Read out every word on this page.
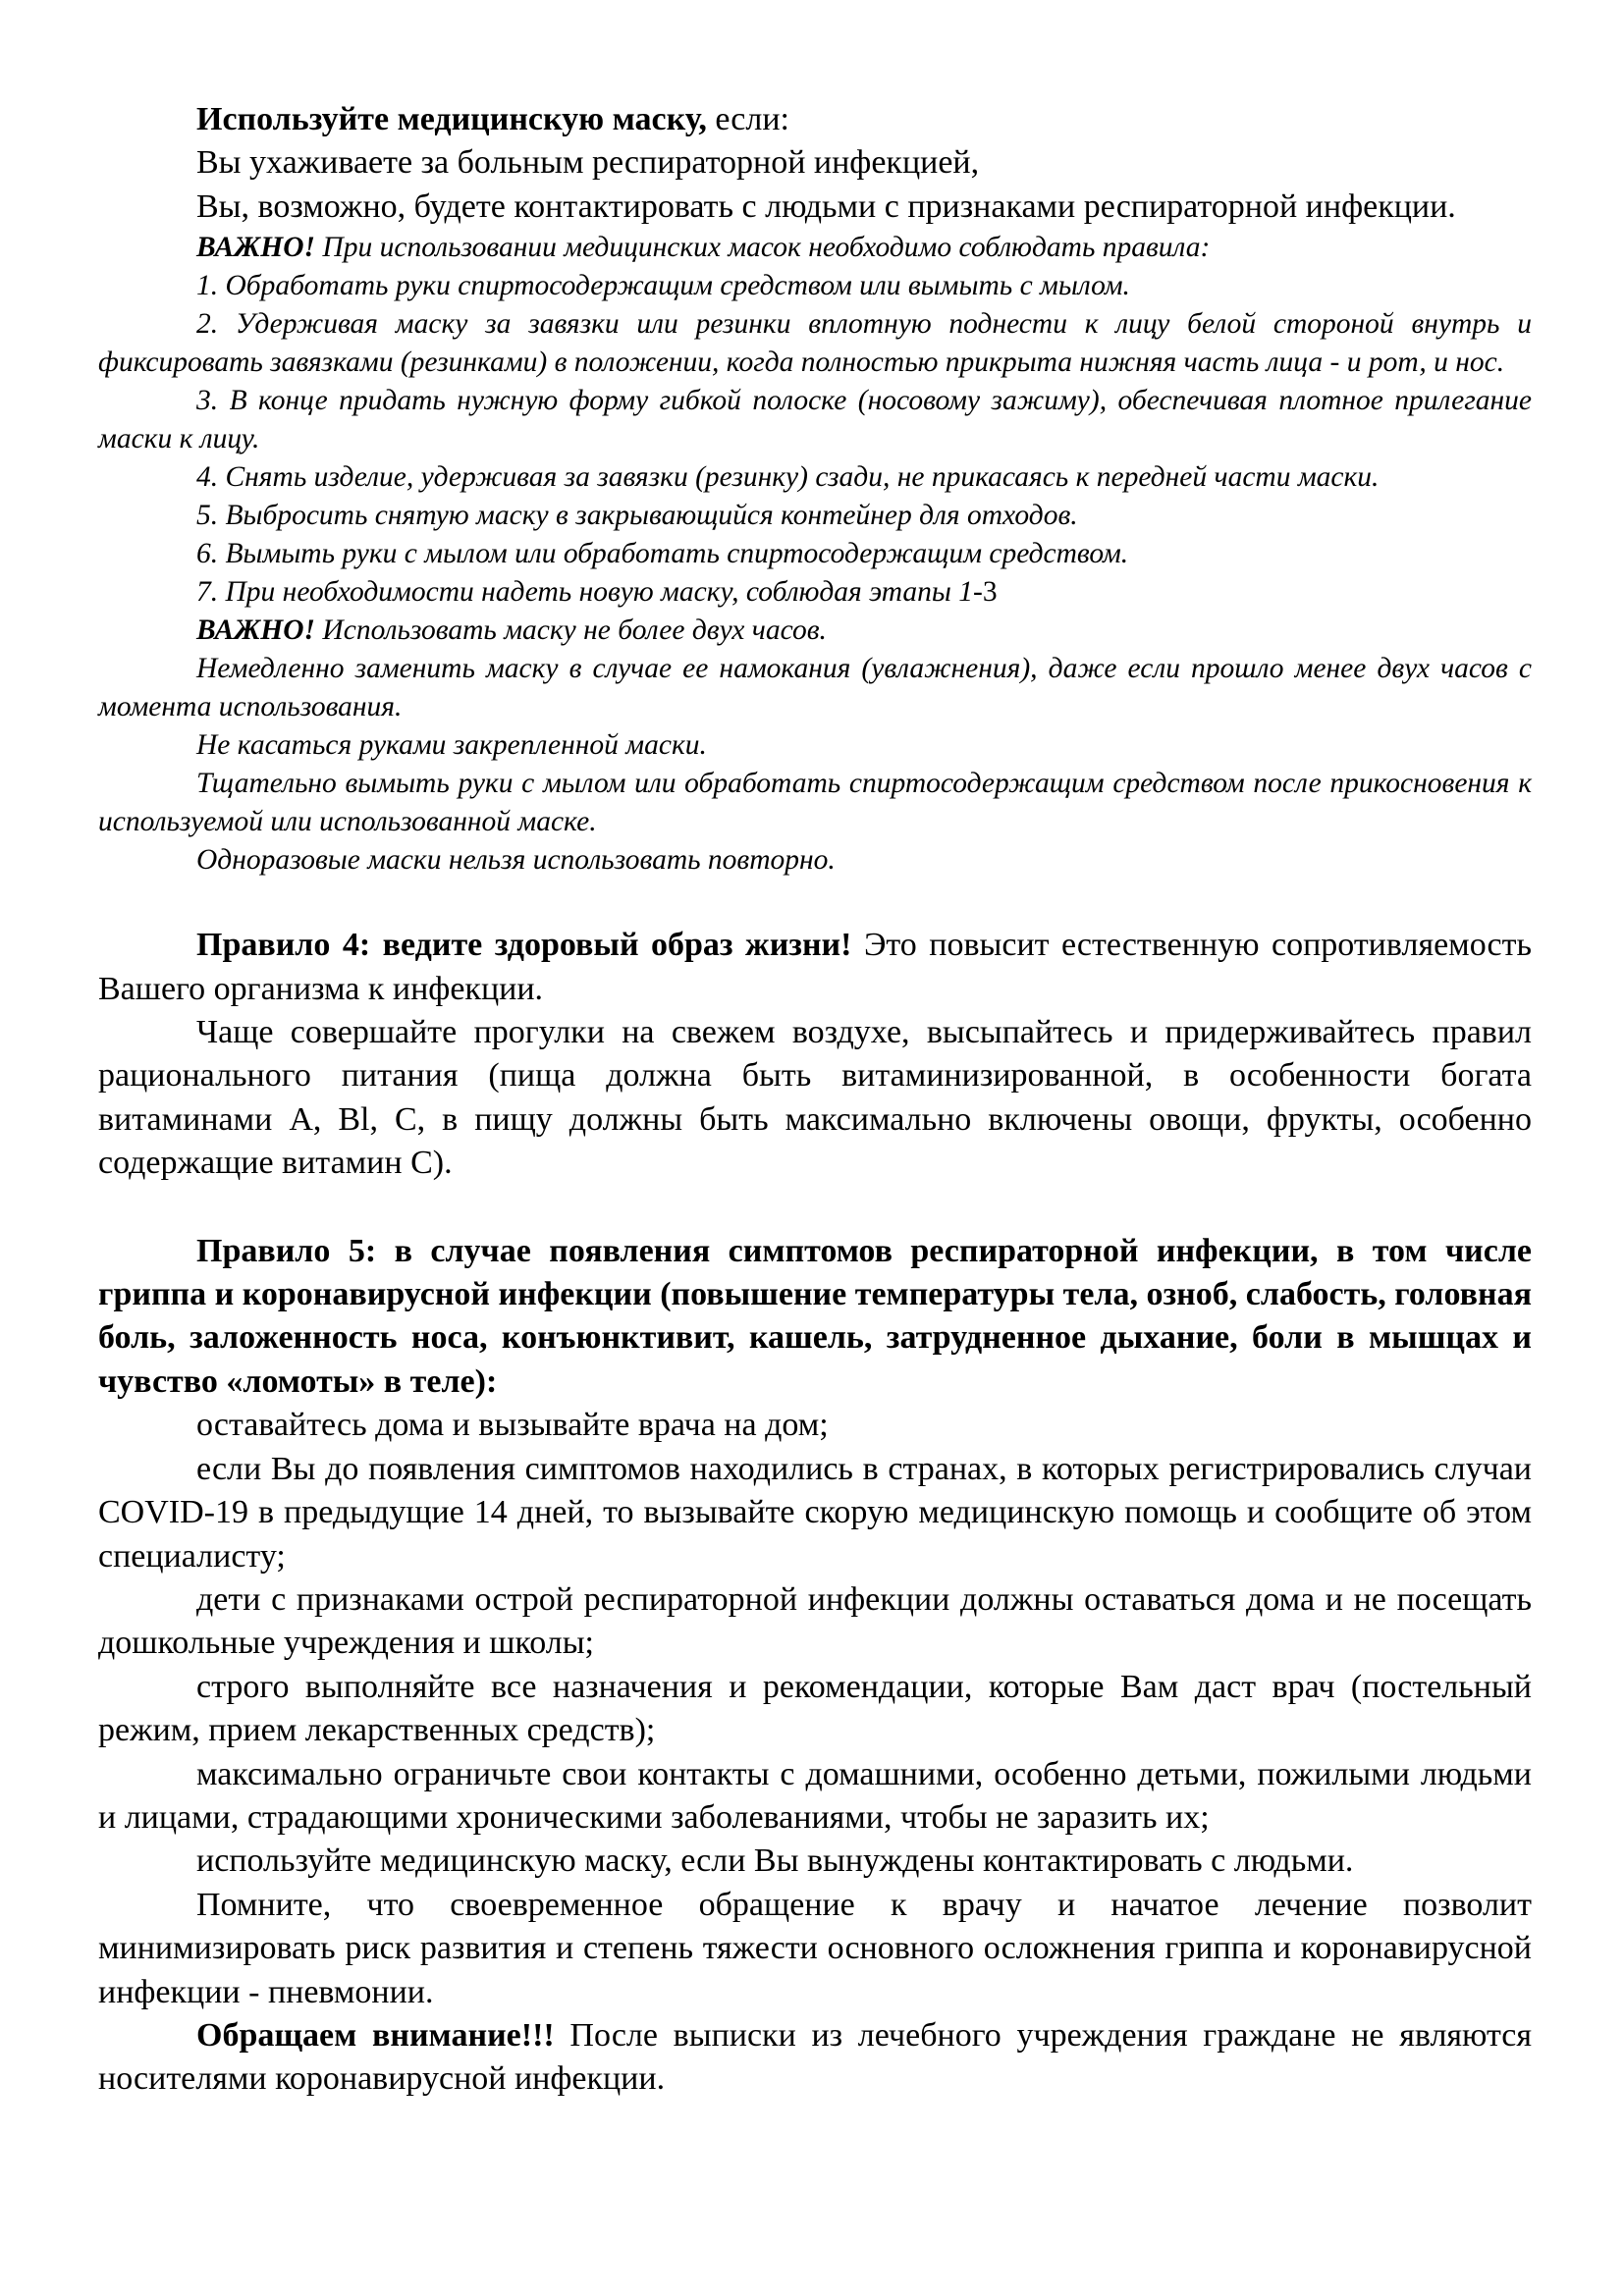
Используйте медицинскую маску, если:

Вы ухаживаете за больным респираторной инфекцией,

Вы, возможно, будете контактировать с людьми с признаками респираторной инфекции.

ВАЖНО! При использовании медицинских масок необходимо соблюдать правила:

1. Обработать руки спиртосодержащим средством или вымыть с мылом.

2. Удерживая маску за завязки или резинки вплотную поднести к лицу белой стороной внутрь и фиксировать завязками (резинками) в положении, когда полностью прикрыта нижняя часть лица - и рот, и нос.

3. В конце придать нужную форму гибкой полоске (носовому зажиму), обеспечивая плотное прилегание маски к лицу.

4. Снять изделие, удерживая за завязки (резинку) сзади, не прикасаясь к передней части маски.

5. Выбросить снятую маску в закрывающийся контейнер для отходов.

6. Вымыть руки с мылом или обработать спиртосодержащим средством.

7. При необходимости надеть новую маску, соблюдая этапы 1-3

ВАЖНО! Использовать маску не более двух часов.

Немедленно заменить маску в случае ее намокания (увлажнения), даже если прошло менее двух часов с момента использования.

Не касаться руками закрепленной маски.

Тщательно вымыть руки с мылом или обработать спиртосодержащим средством после прикосновения к используемой или использованной маске.

Одноразовые маски нельзя использовать повторно.

Правило 4: ведите здоровый образ жизни! Это повысит естественную сопротивляемость Вашего организма к инфекции.

Чаще совершайте прогулки на свежем воздухе, высыпайтесь и придерживайтесь правил рационального питания (пища должна быть витаминизированной, в особенности богата витаминами А, Bl, С, в пищу должны быть максимально включены овощи, фрукты, особенно содержащие витамин С).

Правило 5: в случае появления симптомов респираторной инфекции, в том числе гриппа и коронавирусной инфекции (повышение температуры тела, озноб, слабость, головная боль, заложенность носа, конъюнктивит, кашель, затрудненное дыхание, боли в мышцах и чувство «ломоты» в теле):

оставайтесь дома и вызывайте врача на дом;

если Вы до появления симптомов находились в странах, в которых регистрировались случаи COVID-19 в предыдущие 14 дней, то вызывайте скорую медицинскую помощь и сообщите об этом специалисту;

дети с признаками острой респираторной инфекции должны оставаться дома и не посещать дошкольные учреждения и школы;

строго выполняйте все назначения и рекомендации, которые Вам даст врач (постельный режим, прием лекарственных средств);

максимально ограничьте свои контакты с домашними, особенно детьми, пожилыми людьми и лицами, страдающими хроническими заболеваниями, чтобы не заразить их;

используйте медицинскую маску, если Вы вынуждены контактировать с людьми.

Помните, что своевременное обращение к врачу и начатое лечение позволит минимизировать риск развития и степень тяжести основного осложнения гриппа и коронавирусной инфекции - пневмонии.

Обращаем внимание!!! После выписки из лечебного учреждения граждане не являются носителями коронавирусной инфекции.
